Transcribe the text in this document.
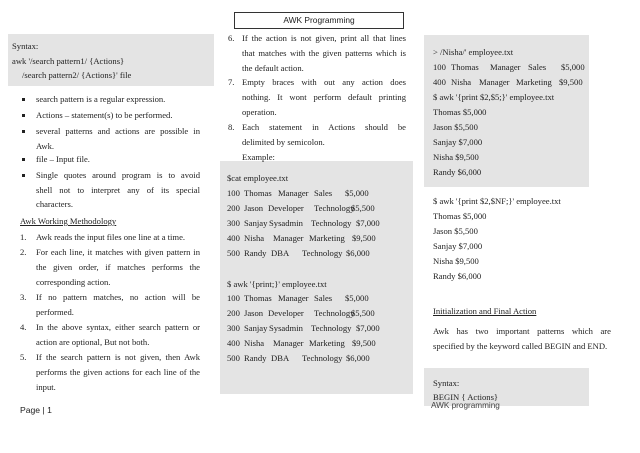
AWK Programming
Syntax:
awk '/search pattern1/ {Actions}
/search pattern2/ {Actions}' file
search pattern is a regular expression.
Actions – statement(s) to be performed.
several patterns and actions are possible in
Awk.
file – Input file.
Single quotes around program is to avoid
shell not to interpret any of its special
characters.
Awk Working Methodology
1. Awk reads the input files one line at a time.
2. For each line, it matches with given pattern in
the given order, if matches performs the
corresponding action.
3. If no pattern matches, no action will be
performed.
4. In the above syntax, either search pattern or
action are optional, But not both.
5. If the search pattern is not given, then Awk
performs the given actions for each line of the
input.
Page | 1
6. If the action is not given, print all that lines
that matches with the given patterns which is
the default action.
7. Empty braces with out any action does
nothing. It wont perform default printing
operation.
8. Each statement in Actions should be
delimited by semicolon.
Example:
$cat employee.txt
100 Thomas Manager Sales $5,000
200 Jason Developer Technology
$5,500
300 Sanjay Sysadmin Technology $7,000
400 Nisha Manager Marketing $9,500
500 Randy DBA Technology $6,000
$ awk '{print;}' employee.txt
100 Thomas Manager Sales $5,000
200 Jason Developer Technology
$5,500
300 Sanjay Sysadmin Technology $7,000
400 Nisha Manager Marketing $9,500
500 Randy DBA Technology $6,000
> /Nisha/' employee.txt
100 Thomas Manager Sales $5,000
400 Nisha Manager Marketing $9,500
$ awk '{print $2,$5;}' employee.txt
Thomas $5,000
Jason $5,500
Sanjay $7,000
Nisha $9,500
Randy $6,000
$ awk '{print $2,$NF;}' employee.txt
Thomas $5,000
Jason $5,500
Sanjay $7,000
Nisha $9,500
Randy $6,000
Initialization and Final Action
Awk has two important patterns which are
specified by the keyword called BEGIN and END.
Syntax:
BEGIN { Actions}
AWK programming
